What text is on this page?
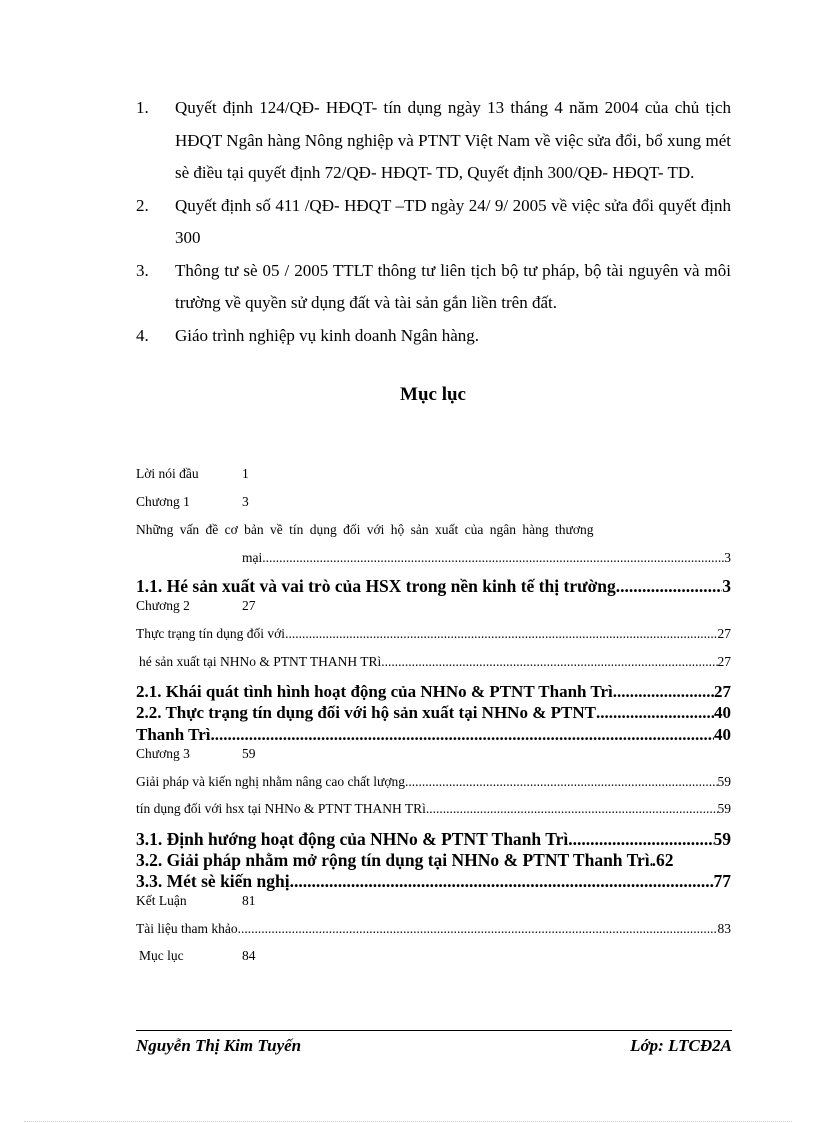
1.	Quyết định 124/QĐ- HĐQT- tín dụng ngày 13 tháng 4 năm 2004 của chủ tịch HĐQT Ngân hàng Nông nghiệp và PTNT Việt Nam về việc sửa đổi, bổ xung mét sè điều tại quyết định 72/QĐ- HĐQT- TD, Quyết định 300/QĐ- HĐQT- TD.
2.	Quyết định số 411 /QĐ- HĐQT –TD ngày 24/ 9/ 2005 về việc sửa đổi quyết định 300
3.	Thông tư sè 05 / 2005 TTLT thông tư liên tịch bộ tư pháp, bộ tài nguyên và môi trường về quyền sử dụng đất và tài sản gắn liền trên đất.
4.	Giáo trình nghiệp vụ kinh doanh Ngân hàng.
Mục lục
Lời nói đầu	1
Chương 1	3
Những vấn đề cơ bản về tín dụng đối với hộ sản xuất của ngân hàng thương
mại .....	3
1.1. Hé sản xuất và vai trò của HSX trong nền kinh tế thị trường .....	3
Chương 2	27
Thực trạng tín dụng đối với .....	27
hé sản xuất tại NHNo & PTNT THANH TRì .....	27
2.1. Khái quát tình hình hoạt động của NHNo & PTNT Thanh Trì. .....	27
2.2. Thực trạng tín dụng đối với hộ sản xuất tại NHNo & PTNT .....	40
Thanh Trì .....	40
Chương 3	59
Giải pháp và kiến nghị nhằm nâng cao chất lượng .....	59
tín dụng đối với hsx tại NHNo & PTNT THANH TRì .....	59
3.1. Định hướng hoạt động của NHNo & PTNT Thanh Trì .....	59
3.2. Giải pháp nhằm mở rộng tín dụng tại NHNo & PTNT Thanh Trì ..... .62
3.3. Mét sè kiến nghị .....	77
Kết Luận	81
Tài liệu tham khảo .....	83
Mục lục	84
Nguyễn Thị Kim Tuyến	Lớp: LTCĐ2A
